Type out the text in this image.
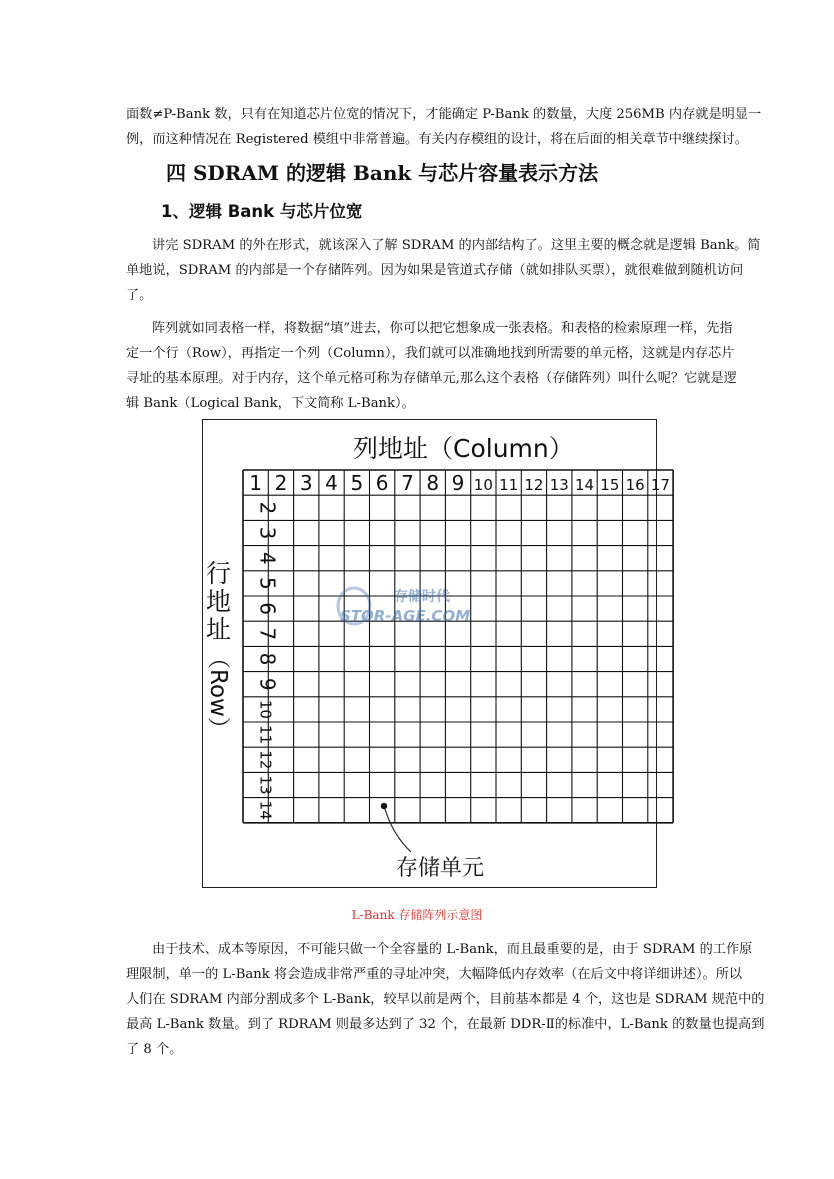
面数≠P-Bank 数，只有在知道芯片位宽的情况下，才能确定 P-Bank 的数量，大度 256MB 内存就是明显一
例，而这种情况在 Registered 模组中非常普遍。有关内存模组的设计，将在后面的相关章节中继续探讨。

四 SDRAM 的逻辑 Bank 与芯片容量表示方法
1、逻辑 Bank 与芯片位宽

讲完 SDRAM 的外在形式，就该深入了解 SDRAM 的内部结构了。这里主要的概念就是逻辑 Bank。简
单地说，SDRAM 的内部是一个存储阵列。因为如果是管道式存储（就如排队买票），就很难做到随机访问
了。

阵列就如同表格一样，将数据“填”进去，你可以把它想象成一张表格。和表格的检索原理一样，先指
定一个行（Row），再指定一个列（Column），我们就可以准确地找到所需要的单元格，这就是内存芯片
寻址的基本原理。对于内存，这个单元格可称为存储单元,那么这个表格（存储阵列）叫什么呢？它就是逻
辑 Bank（Logical Bank，下文简称 L-Bank）。

列地址（Column）
1 2 3 4 5 6 7 8 9 10 11 12 13 14 15 16 17
2
3
4
5
6
7
8
9
10
11
12
13
14
行
地
址
（Row）
存储单元
存储时代
STOR-AGE.COM

L-Bank 存储阵列示意图

由于技术、成本等原因，不可能只做一个全容量的 L-Bank，而且最重要的是，由于 SDRAM 的工作原
理限制，单一的 L-Bank 将会造成非常严重的寻址冲突，大幅降低内存效率（在后文中将详细讲述）。所以
人们在 SDRAM 内部分割成多个 L-Bank，较早以前是两个，目前基本都是 4 个，这也是 SDRAM 规范中的
最高 L-Bank 数量。到了 RDRAM 则最多达到了 32 个，在最新 DDR-Ⅱ的标准中，L-Bank 的数量也提高到
了 8 个。
